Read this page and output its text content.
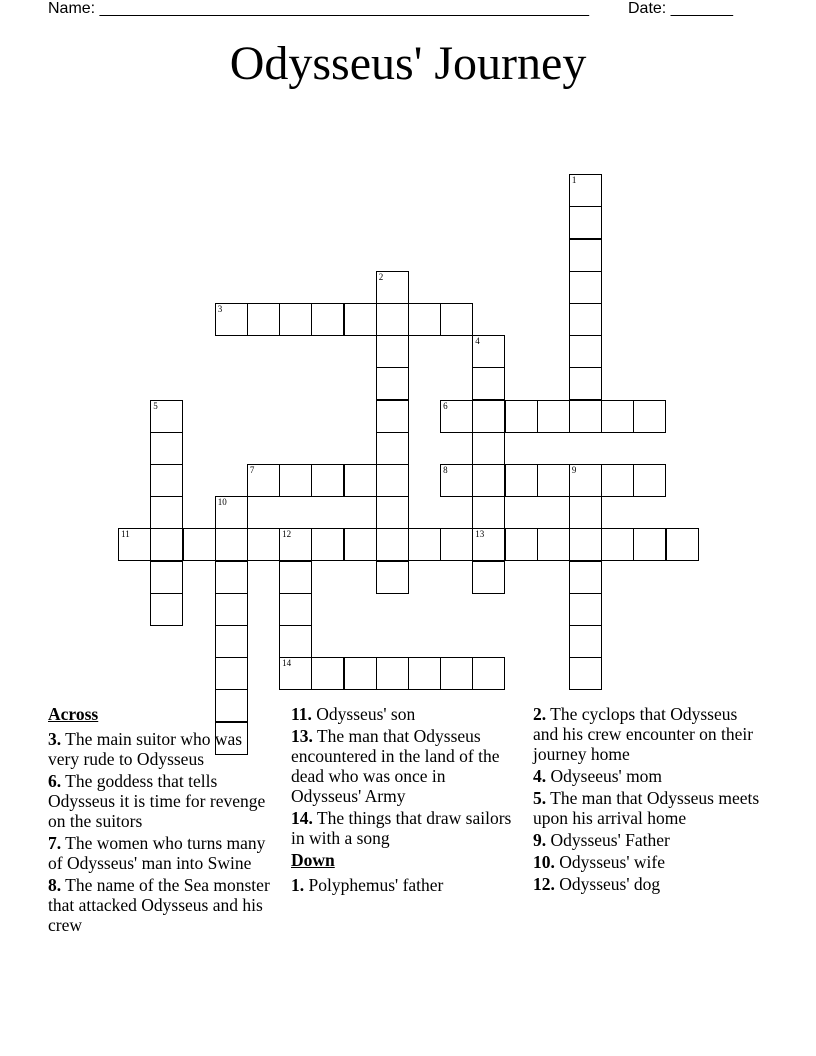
Name: _______________________________________________________ Date: _______
Odysseus' Journey
1
2
3
4
13
5	6
7	8	9
10
11	12
14
Across
3. The main suitor who was very rude to Odysseus
6. The goddess that tells Odysseus it is time for revenge on the suitors
7. The women who turns many of Odysseus' man into Swine
8. The name of the Sea monster that attacked Odysseus and his crew
11. Odysseus' son
13. The man that Odysseus encountered in the land of the dead who was once in Odysseus' Army
14. The things that draw sailors in with a song
Down
1. Polyphemus' father
2. The cyclops that Odysseus and his crew encounter on their journey home
4. Odyseeus' mom
5. The man that Odysseus meets upon his arrival home
9. Odysseus' Father
10. Odysseus' wife
12. Odysseus' dog
